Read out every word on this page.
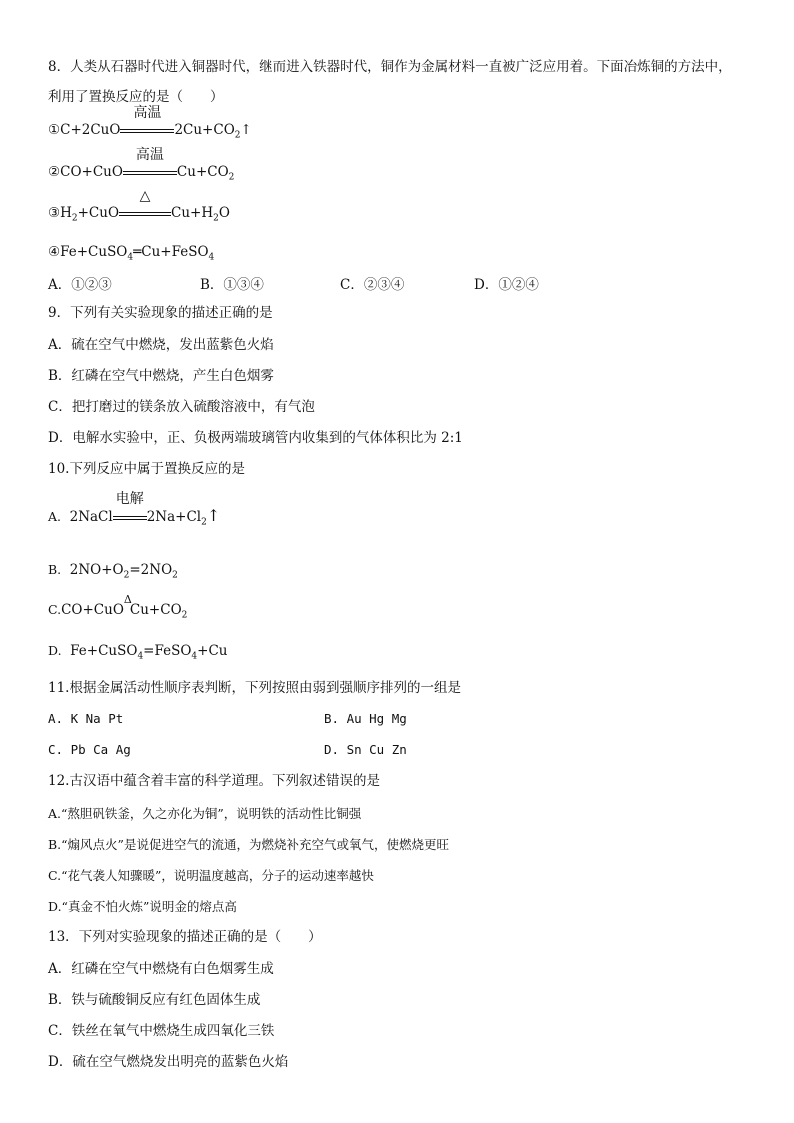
8．人类从石器时代进入铜器时代，继而进入铁器时代，铜作为金属材料一直被广泛应用着。下面冶炼铜的方法中，
利用了置换反应的是（　　）
①C+2CuO
高温
$2Cu+CO_2↑$
②CO+CuO
高温
$Cu+CO_2$
$③H_2+CuO$
△
$Cu+H_2O$
④Fe+CuSO$_4$═Cu+FeSO$_4$
A．①②③	B．①③④	C．②③④	D．①②④
9．下列有关实验现象的描述正确的是
A．硫在空气中燃烧，发出蓝紫色火焰
B．红磷在空气中燃烧，产生白色烟雾
C．把打磨过的镁条放入硫酸溶液中，有气泡
D．电解水实验中，正、负极两端玻璃管内收集到的气体体积比为 2:1
10.下列反应中属于置换反应的是
A. 2NaCl
电解
$2Na+Cl_2↑$
B. $2NO+O_2=2NO_2$
C.CO+CuO
Δ
$Cu+CO_2$
D. Fe+CuSO$_4$=FeSO$_4$+Cu
11.根据金属活动性顺序表判断，下列按照由弱到强顺序排列的一组是
A. K Na Pt	B. Au Hg Mg
C. Pb Ca Ag	D. Sn Cu Zn
12.古汉语中蕴含着丰富的科学道理。下列叙述错误的是
A.“熬胆矾铁釜，久之亦化为铜”，说明铁的活动性比铜强
B.“煽风点火”是说促进空气的流通，为燃烧补充空气或氧气，使燃烧更旺
C.“花气袭人知骤暖”，说明温度越高，分子的运动速率越快
D.“真金不怕火炼”说明金的熔点高
13．下列对实验现象的描述正确的是（　　）
A．红磷在空气中燃烧有白色烟雾生成
B．铁与硫酸铜反应有红色固体生成
C．铁丝在氧气中燃烧生成四氧化三铁
D．硫在空气燃烧发出明亮的蓝紫色火焰
